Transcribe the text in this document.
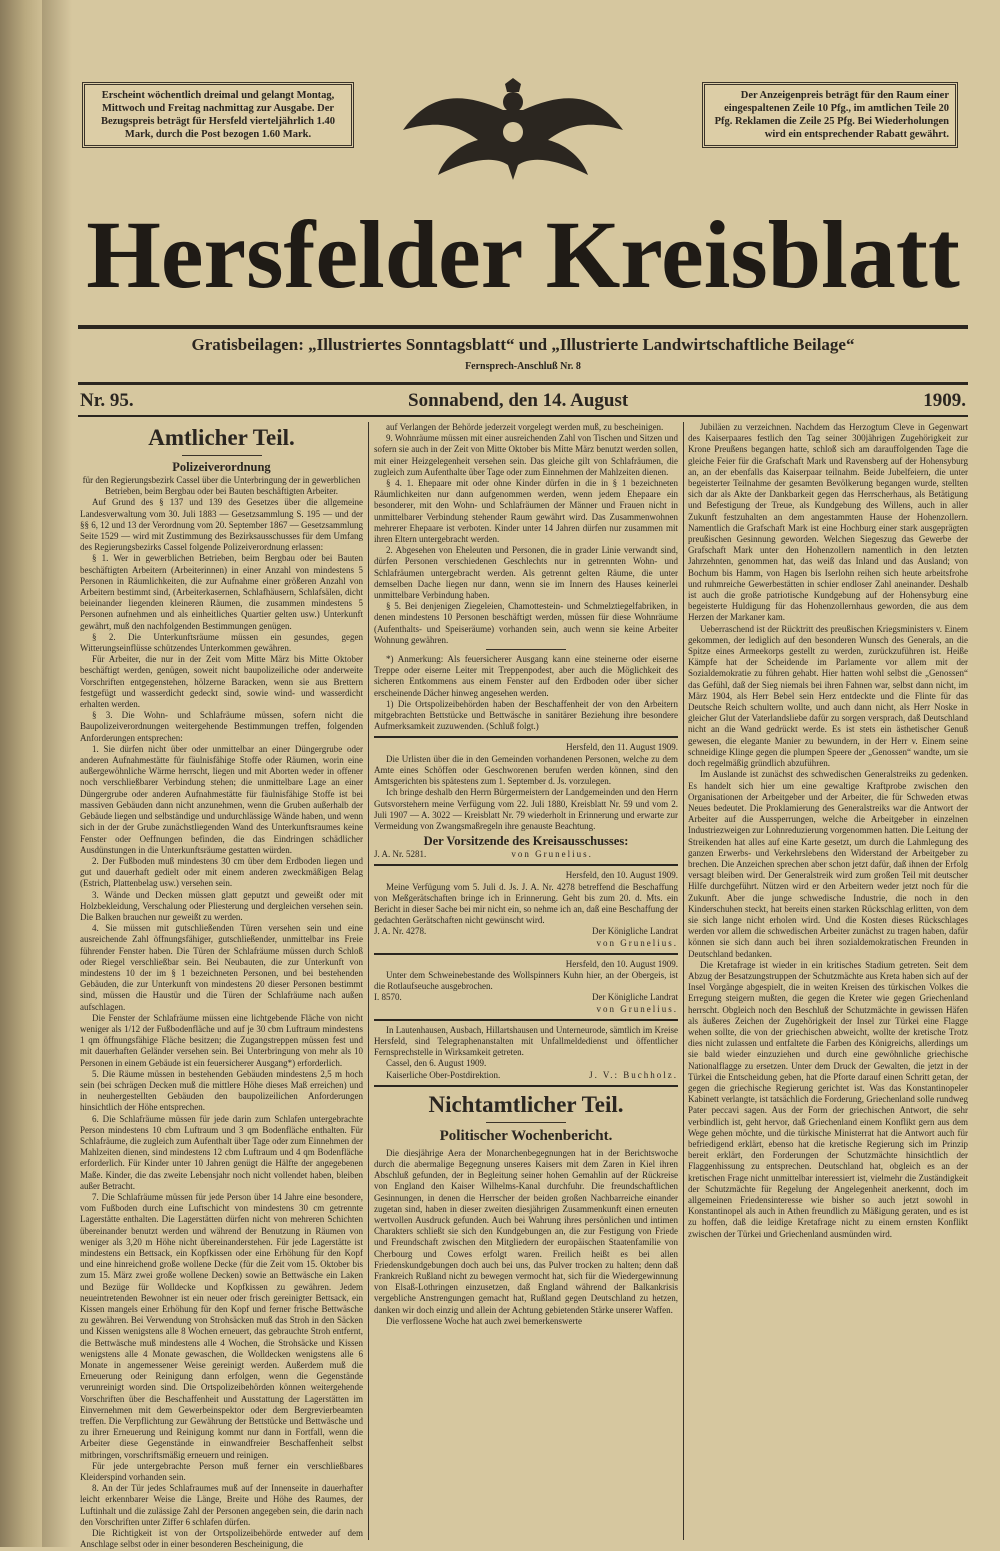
Erscheint wöchentlich dreimal und gelangt Montag, Mittwoch und Freitag nachmittag zur Ausgabe. Der Bezugspreis beträgt für Hersfeld vierteljährlich 1.40 Mark, durch die Post bezogen 1.60 Mark.
Der Anzeigenpreis beträgt für den Raum einer eingespaltenen Zeile 10 Pfg., im amtlichen Teile 20 Pfg. Reklamen die Zeile 25 Pfg. Bei Wiederholungen wird ein entsprechender Rabatt gewährt.
Hersfelder Kreisblatt
Gratisbeilagen: „Illustriertes Sonntagsblatt“ und „Illustrierte Landwirtschaftliche Beilage“
Fernsprech-Anschluß Nr. 8
Nr. 95.	Sonnabend, den 14. August	1909.
Amtlicher Teil.
Polizeiverordnung

für den Regierungsbezirk Cassel über die Unterbringung der in gewerblichen Betrieben, beim Bergbau oder bei Bauten beschäftigten Arbeiter.

Auf Grund des § 137 und 139 des Gesetzes über die allgemeine Landesverwaltung vom 30. Juli 1883 — Gesetzsammlung S. 195 — und der §§ 6, 12 und 13 der Verordnung vom 20. September 1867 — Gesetzsammlung Seite 1529 — wird mit Zustimmung des Bezirksausschusses für dem Umfang des Regierungsbezirks Cassel folgende Polizeiverordnung erlassen:

§ 1. Wer in gewerblichen Betrieben, beim Bergbau oder bei Bauten beschäftigten Arbeitern (Arbeiterinnen) in einer Anzahl von mindestens 5 Personen in Räumlichkeiten, die zur Aufnahme einer größeren Anzahl von Arbeitern bestimmt sind, (Arbeiterkasernen, Schlafhäusern, Schlafsälen, dicht beieinander liegenden kleineren Räumen, die zusammen mindestens 5 Personen aufnehmen und als einheitliches Quartier gelten usw.) Unterkunft gewährt, muß den nachfolgenden Bestimmungen genügen.

§ 2. Die Unterkunftsräume müssen ein gesundes, gegen Witterungseinflüsse schützendes Unterkommen gewähren.

Für Arbeiter, die nur in der Zeit vom Mitte März bis Mitte Oktober beschäftigt werden, genügen, soweit nicht baupolizeiliche oder anderweite Vorschriften entgegenstehen, hölzerne Baracken, wenn sie aus Brettern festgefügt und wasserdicht gedeckt sind, sowie wind- und wasserdicht erhalten werden.

§ 3. Die Wohn- und Schlafräume müssen, sofern nicht die Baupolizeiverordnungen weitergehende Bestimmungen treffen, folgenden Anforderungen entsprechen:

1. Sie dürfen nicht über oder unmittelbar an einer Düngergrube oder anderen Aufnahmestätte für fäulnisfähige Stoffe oder Räumen, worin eine außergewöhnliche Wärme herrscht, liegen und mit Aborten weder in offener noch verschließbarer Verbindung stehen; die unmittelbare Lage an einer Düngergrube oder anderen Aufnahmestätte für fäulnisfähige Stoffe ist bei massiven Gebäuden dann nicht anzunehmen, wenn die Gruben außerhalb der Gebäude liegen und selbständige und undurchlässige Wände haben, und wenn sich in der der Grube zunächstliegenden Wand des Unterkunftsraumes keine Fenster oder Oeffnungen befinden, die das Eindringen schädlicher Ausdünstungen in die Unterkunftsräume gestatten würden.

2. Der Fußboden muß mindestens 30 cm über dem Erdboden liegen und gut und dauerhaft gedielt oder mit einem anderen zweckmäßigen Belag (Estrich, Plattenbelag usw.) versehen sein.

3. Wände und Decken müssen glatt geputzt und geweißt oder mit Holzbekleidung, Verschalung oder Pliesterung und dergleichen versehen sein. Die Balken brauchen nur geweißt zu werden.

4. Sie müssen mit gutschließenden Türen versehen sein und eine ausreichende Zahl öffnungsfähiger, gutschließender, unmittelbar ins Freie führender Fenster haben. Die Türen der Schlafräume müssen durch Schloß oder Riegel verschließbar sein. Bei Neubauten, die zur Unterkunft von mindestens 10 der im § 1 bezeichneten Personen, und bei bestehenden Gebäuden, die zur Unterkunft von mindestens 20 dieser Personen bestimmt sind, müssen die Haustür und die Türen der Schlafräume nach außen aufschlagen.

Die Fenster der Schlafräume müssen eine lichtgebende Fläche von nicht weniger als 1/12 der Fußbodenfläche und auf je 30 cbm Luftraum mindestens 1 qm öffnungsfähige Fläche besitzen; die Zugangstreppen müssen fest und mit dauerhaften Geländer versehen sein. Bei Unterbringung von mehr als 10 Personen in einem Gebäude ist ein feuersicherer Ausgang*) erforderlich.

5. Die Räume müssen in bestehenden Gebäuden mindestens 2,5 m hoch sein (bei schrägen Decken muß die mittlere Höhe dieses Maß erreichen) und in neuhergestellten Gebäuden den baupolizeilichen Anforderungen hinsichtlich der Höhe entsprechen.

6. Die Schlafräume müssen für jede darin zum Schlafen untergebrachte Person mindestens 10 cbm Luftraum und 3 qm Bodenfläche enthalten. Für Schlafräume, die zugleich zum Aufenthalt über Tage oder zum Einnehmen der Mahlzeiten dienen, sind mindestens 12 cbm Luftraum und 4 qm Bodenfläche erforderlich. Für Kinder unter 10 Jahren genügt die Hälfte der angegebenen Maße. Kinder, die das zweite Lebensjahr noch nicht vollendet haben, bleiben außer Betracht.

7. Die Schlafräume müssen für jede Person über 14 Jahre eine besondere, vom Fußboden durch eine Luftschicht von mindestens 30 cm getrennte Lagerstätte enthalten. Die Lagerstätten dürfen nicht von mehreren Schichten übereinander benutzt werden und während der Benutzung in Räumen von weniger als 3,20 m Höhe nicht übereinanderstehen. Für jede Lagerstätte ist mindestens ein Bettsack, ein Kopfkissen oder eine Erhöhung für den Kopf und eine hinreichend große wollene Decke (für die Zeit vom 15. Oktober bis zum 15. März zwei große wollene Decken) sowie an Bettwäsche ein Laken und Bezüge für Wolldecke und Kopfkissen zu gewähren. Jedem neueintretenden Bewohner ist ein neuer oder frisch gereinigter Bettsack, ein Kissen mangels einer Erhöhung für den Kopf und ferner frische Bettwäsche zu gewähren. Bei Verwendung von Strohsäcken muß das Stroh in den Säcken und Kissen wenigstens alle 8 Wochen erneuert, das gebrauchte Stroh entfernt, die Bettwäsche muß mindestens alle 4 Wochen, die Strohsäcke und Kissen wenigstens alle 4 Monate gewaschen, die Wolldecken wenigstens alle 6 Monate in angemessener Weise gereinigt werden. Außerdem muß die Erneuerung oder Reinigung dann erfolgen, wenn die Gegenstände verunreinigt worden sind. Die Ortspolizeibehörden können weitergehende Vorschriften über die Beschaffenheit und Ausstattung der Lagerstätten im Einvernehmen mit dem Gewerbeinspektor oder dem Bergrevierbeamten treffen. Die Verpflichtung zur Gewährung der Bettstücke und Bettwäsche und zu ihrer Erneuerung und Reinigung kommt nur dann in Fortfall, wenn die Arbeiter diese Gegenstände in einwandfreier Beschaffenheit selbst mitbringen, vorschriftsmäßig erneuern und reinigen.

Für jede untergebrachte Person muß ferner ein verschließbares Kleiderspind vorhanden sein.

8. An der Tür jedes Schlafraumes muß auf der Innenseite in dauerhafter leicht erkennbarer Weise die Länge, Breite und Höhe des Raumes, der Luftinhalt und die zulässige Zahl der Personen angegeben sein, die darin nach den Vorschriften unter Ziffer 6 schlafen dürfen.

Die Richtigkeit ist von der Ortspolizeibehörde entweder auf dem Anschlage selbst oder in einer besonderen Bescheinigung, die

auf Verlangen der Behörde jederzeit vorgelegt werden muß, zu bescheinigen.

9. Wohnräume müssen mit einer ausreichenden Zahl von Tischen und Sitzen und sofern sie auch in der Zeit von Mitte Oktober bis Mitte März benutzt werden sollen, mit einer Heizgelegenheit versehen sein. Das gleiche gilt von Schlafräumen, die zugleich zum Aufenthalte über Tage oder zum Einnehmen der Mahlzeiten dienen.

§ 4. 1. Ehepaare mit oder ohne Kinder dürfen in die in § 1 bezeichneten Räumlichkeiten nur dann aufgenommen werden, wenn jedem Ehepaare ein besonderer, mit den Wohn- und Schlafräumen der Männer und Frauen nicht in unmittelbarer Verbindung stehender Raum gewährt wird. Das Zusammenwohnen mehrerer Ehepaare ist verboten. Kinder unter 14 Jahren dürfen nur zusammen mit ihren Eltern untergebracht werden.

2. Abgesehen von Eheleuten und Personen, die in grader Linie verwandt sind, dürfen Personen verschiedenen Geschlechts nur in getrennten Wohn- und Schlafräumen untergebracht werden. Als getrennt gelten Räume, die unter demselben Dache liegen nur dann, wenn sie im Innern des Hauses keinerlei unmittelbare Verbindung haben.

§ 5. Bei denjenigen Ziegeleien, Chamottestein- und Schmelztiegelfabriken, in denen mindestens 10 Personen beschäftigt werden, müssen für diese Wohnräume (Aufenthalts- und Speiseräume) vorhanden sein, auch wenn sie keine Arbeiter Wohnung gewähren.

*) Anmerkung: Als feuersicherer Ausgang kann eine steinerne oder eiserne Treppe oder eiserne Leiter mit Treppenpodest, aber auch die Möglichkeit des sicheren Entkommens aus einem Fenster auf den Erdboden oder über sicher erscheinende Dächer hinweg angesehen werden.

1) Die Ortspolizeibehörden haben der Beschaffenheit der von den Arbeitern mitgebrachten Bettstücke und Bettwäsche in sanitärer Beziehung ihre besondere Aufmerksamkeit zuzuwenden. (Schluß folgt.)

Hersfeld, den 11. August 1909.

Die Urlisten über die in den Gemeinden vorhandenen Personen, welche zu dem Amte eines Schöffen oder Geschworenen berufen werden können, sind den Amtsgerichten bis spätestens zum 1. September d. Js. vorzulegen.

Ich bringe deshalb den Herrn Bürgermeistern der Landgemeinden und den Herrn Gutsvorstehern meine Verfügung vom 22. Juli 1880, Kreisblatt Nr. 59 und vom 2. Juli 1907 — A. 3022 — Kreisblatt Nr. 79 wiederholt in Erinnerung und erwarte zur Vermeidung von Zwangsmaßregeln ihre genauste Beachtung.

Der Vorsitzende des Kreisausschusses:
J. A. Nr. 5281.	von Grunelius.

Hersfeld, den 10. August 1909.

Meine Verfügung vom 5. Juli d. Js. J. A. Nr. 4278 betreffend die Beschaffung von Meßgerätschaften bringe ich in Erinnerung. Geht bis zum 20. d. Mts. ein Bericht in dieser Sache bei mir nicht ein, so nehme ich an, daß eine Beschaffung der gedachten Gerätschaften nicht gewünscht wird.

J. A. Nr. 4278.	Der Königliche Landrat
von Grunelius.

Hersfeld, den 10. August 1909.

Unter dem Schweinebestande des Wollspinners Kuhn hier, an der Obergeis, ist die Rotlaufseuche ausgebrochen.

I. 8570.	Der Königliche Landrat
von Grunelius.

In Lautenhausen, Ausbach, Hillartshausen und Unterneurode, sämtlich im Kreise Hersfeld, sind Telegraphenanstalten mit Unfallmeldedienst und öffentlicher Fernsprechstelle in Wirksamkeit getreten.

Cassel, den 6. August 1909.

Kaiserliche Ober-Postdirektion.	J. V.: Buchholz.
Nichtamtlicher Teil.
Politischer Wochenbericht.

Die diesjährige Aera der Monarchenbegegnungen hat in der Berichtswoche durch die abermalige Begegnung unseres Kaisers mit dem Zaren in Kiel ihren Abschluß gefunden, der in Begleitung seiner hohen Gemahlin auf der Rückreise von England den Kaiser Wilhelms-Kanal durchfuhr. Die freundschaftlichen Gesinnungen, in denen die Herrscher der beiden großen Nachbarreiche einander zugetan sind, haben in dieser zweiten diesjährigen Zusammenkunft einen erneuten wertvollen Ausdruck gefunden. Auch bei Wahrung ihres persönlichen und intimen Charakters schließt sie sich den Kundgebungen an, die zur Festigung von Friede und Freundschaft zwischen den Mitgliedern der europäischen Staatenfamilie von Cherbourg und Cowes erfolgt waren. Freilich heißt es bei allen Friedenskundgebungen doch auch bei uns, das Pulver trocken zu halten; denn daß Frankreich Rußland nicht zu bewegen vermocht hat, sich für die Wiedergewinnung von Elsaß-Lothringen einzusetzen, daß England während der Balkankrisis vergebliche Anstrengungen gemacht hat, Rußland gegen Deutschland zu hetzen, danken wir doch einzig und allein der Achtung gebietenden Stärke unserer Waffen.

Die verflossene Woche hat auch zwei bemerkenswerte

Jubiläen zu verzeichnen. Nachdem das Herzogtum Cleve in Gegenwart des Kaiserpaares festlich den Tag seiner 300jährigen Zugehörigkeit zur Krone Preußens begangen hatte, schloß sich am darauffolgenden Tage die gleiche Feier für die Grafschaft Mark und Ravensberg auf der Hohensyburg an, an der ebenfalls das Kaiserpaar teilnahm. Beide Jubelfeiern, die unter begeisterter Teilnahme der gesamten Bevölkerung begangen wurde, stellten sich dar als Akte der Dankbarkeit gegen das Herrscherhaus, als Betätigung und Befestigung der Treue, als Kundgebung des Willens, auch in aller Zukunft festzuhalten an dem angestammten Hause der Hohenzollern. Namentlich die Grafschaft Mark ist eine Hochburg einer stark ausgeprägten preußischen Gesinnung geworden. Welchen Siegeszug das Gewerbe der Grafschaft Mark unter den Hohenzollern namentlich in den letzten Jahrzehnten, genommen hat, das weiß das Inland und das Ausland; von Bochum bis Hamm, von Hagen bis Iserlohn reihen sich heute arbeitsfrohe und ruhmreiche Gewerbestätten in schier endloser Zahl aneinander. Deshalb ist auch die große patriotische Kundgebung auf der Hohensyburg eine begeisterte Huldigung für das Hohenzollernhaus geworden, die aus dem Herzen der Markaner kam.

Ueberraschend ist der Rücktritt des preußischen Kriegsministers v. Einem gekommen, der lediglich auf den besonderen Wunsch des Generals, an die Spitze eines Armeekorps gestellt zu werden, zurückzuführen ist. Heiße Kämpfe hat der Scheidende im Parlamente vor allem mit der Sozialdemokratie zu führen gehabt. Hier hatten wohl selbst die „Genossen“ das Gefühl, daß der Sieg niemals bei ihren Fahnen war, selbst dann nicht, im März 1904, als Herr Bebel sein Herz entdeckte und die Flinte für das Deutsche Reich schultern wollte, und auch dann nicht, als Herr Noske in gleicher Glut der Vaterlandsliebe dafür zu sorgen versprach, daß Deutschland nicht an die Wand gedrückt werde. Es ist stets ein ästhetischer Genuß gewesen, die elegante Manier zu bewundern, in der Herr v. Einem seine schneidige Klinge gegen die plumpen Speere der „Genossen“ wandte, um sie doch regelmäßig gründlich abzuführen.

Im Auslande ist zunächst des schwedischen Generalstreiks zu gedenken. Es handelt sich hier um eine gewaltige Kraftprobe zwischen den Organisationen der Arbeitgeber und der Arbeiter, die für Schweden etwas Neues bedeutet. Die Proklamierung des Generalstreiks war die Antwort der Arbeiter auf die Aussperrungen, welche die Arbeitgeber in einzelnen Industriezweigen zur Lohnreduzierung vorgenommen hatten. Die Leitung der Streikenden hat alles auf eine Karte gesetzt, um durch die Lahmlegung des ganzen Erwerbs- und Verkehrslebens den Widerstand der Arbeitgeber zu brechen. Die Anzeichen sprechen aber schon jetzt dafür, daß ihnen der Erfolg versagt bleiben wird. Der Generalstreik wird zum großen Teil mit deutscher Hilfe durchgeführt. Nützen wird er den Arbeitern weder jetzt noch für die Zukunft. Aber die junge schwedische Industrie, die noch in den Kinderschuhen steckt, hat bereits einen starken Rückschlag erlitten, von dem sie sich lange nicht erholen wird. Und die Kosten dieses Rückschlages werden vor allem die schwedischen Arbeiter zunächst zu tragen haben, dafür können sie sich dann auch bei ihren sozialdemokratischen Freunden in Deutschland bedanken.

Die Kretafrage ist wieder in ein kritisches Stadium getreten. Seit dem Abzug der Besatzungstruppen der Schutzmächte aus Kreta haben sich auf der Insel Vorgänge abgespielt, die in weiten Kreisen des türkischen Volkes die Erregung steigern mußten, die gegen die Kreter wie gegen Griechenland herrscht. Obgleich noch den Beschluß der Schutzmächte in gewissen Häfen als äußeres Zeichen der Zugehörigkeit der Insel zur Türkei eine Flagge wehen sollte, die von der griechischen abweicht, wollte der kretische Trotz dies nicht zulassen und entfaltete die Farben des Königreichs, allerdings um sie bald wieder einzuziehen und durch eine gewöhnliche griechische Nationalflagge zu ersetzen. Unter dem Druck der Gewalten, die jetzt in der Türkei die Entscheidung geben, hat die Pforte darauf einen Schritt getan, der gegen die griechische Regierung gerichtet ist. Was das Konstantinopeler Kabinett verlangte, ist tatsächlich die Forderung, Griechenland solle rundweg Pater peccavi sagen. Aus der Form der griechischen Antwort, die sehr verbindlich ist, geht hervor, daß Griechenland einem Konflikt gern aus dem Wege gehen möchte, und die türkische Ministerrat hat die Antwort auch für befriedigend erklärt, ebenso hat die kretische Regierung sich im Prinzip bereit erklärt, den Forderungen der Schutzmächte hinsichtlich der Flaggenhissung zu entsprechen. Deutschland hat, obgleich es an der kretischen Frage nicht unmittelbar interessiert ist, vielmehr die Zuständigkeit der Schutzmächte für Regelung der Angelegenheit anerkennt, doch im allgemeinen Friedensinteresse wie bisher so auch jetzt sowohl in Konstantinopel als auch in Athen freundlich zu Mäßigung geraten, und es ist zu hoffen, daß die leidige Kretafrage nicht zu einem ernsten Konflikt zwischen der Türkei und Griechenland ausmünden wird.
